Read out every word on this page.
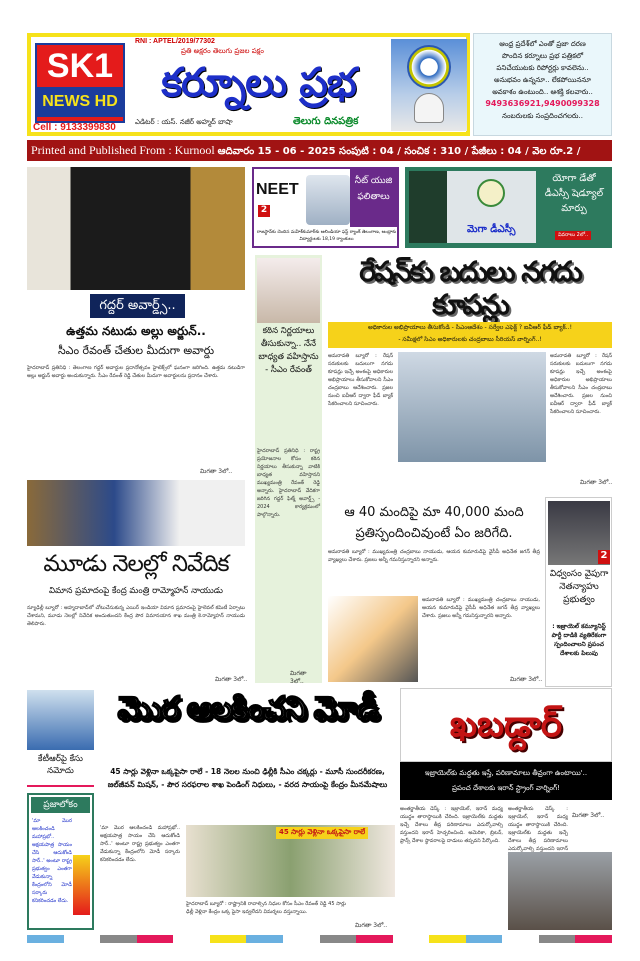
SK1
NEWS HD
Cell : 9133399830
RNI : APTEL/2019/77302
ప్రతి అక్షరం తెలుగు ప్రజల పక్షం
కర్నూలు ప్రభ
ఎడిటర్ : యస్. నజీర్ అహ్మద్ బాషా	తెలుగు దినపత్రిక
ఆంధ్ర ప్రదేశ్‌లో ఎంతో ప్రజా దరణ
పొందిన కర్నూలు ప్రభ పత్రికలో
పనిచేయుటకు రిపోర్టర్లు కావలెను..
అనుభవం ఉన్ననూ.. లేకపోయిననూ
అవకాశం ఉంటుంది.. ఆశక్తి కలవారు..
9493636921,9490099328
నంబరులకు సంప్రదించగలరు..
Printed and Published From : Kurnool ఆదివారం 15 - 06 - 2025 సంపుటి : 04 / సంచిక : 310 / పేజీలు : 04 / వెల రూ.2 /
గద్దర్ అవార్డ్స్..
ఉత్తమ నటుడు అల్లు అర్జున్..
సీఎం రేవంత్ చేతుల మీదుగా అవార్డు
హైదరాబాద్ ప్రతినిధి : తెలంగాణ గద్దర్ అవార్డుల ప్రదానోత్సవం హైటెక్స్‌లో ఘనంగా జరిగింది. ఉత్తమ నటుడిగా అల్లు అర్జున్ అవార్డు అందుకున్నారు. సీఎం రేవంత్ రెడ్డి చేతుల మీదుగా అవార్డులను ప్రదానం చేశారు.
మిగతా 3లో..
NEET
2
నీట్ యుజి ఫలితాలు
రాజస్థాన్‌కు చెందిన మహేశ్‌కుమార్‌కు ఆలిండియా ఫస్ట్ ర్యాంక్ తెలంగాణ, ఆంధ్రాకు విద్యార్థులకు 18,19 ర్యాంకులు
మెగా డీఎస్సీ
యోగా డేతో డీఎస్సీ షెడ్యూల్ మార్పు
వివరాలు 2లో..
కఠిన నిర్ణయాలు తీసుకున్నా.. నేనే బాధ్యత వహిస్తాను - సీఎం రేవంత్
హైదరాబాద్ ప్రతినిధి : రాష్ట్ర ప్రయోజనాల కోసం కఠిన నిర్ణయాలు తీసుకున్నా వాటికి బాధ్యత వహిస్తానని ముఖ్యమంత్రి రేవంత్ రెడ్డి అన్నారు. హైదరాబాద్ వేదికగా జరిగిన గద్దర్ ఫిల్మ్ అవార్డ్స్ - 2024 కార్యక్రమంలో పాల్గొన్నారు.
మిగతా 3లో..
రేషన్‌కు బదులు నగదు కూపన్లు
అధికారుల అభిప్రాయాలు తీసుకోండి - సిఎంఆదేశం - సర్వేల ఎఫెక్ట్ ? ఐవీఆర్ ఫీడ్ బ్యాక్..!
- సమీక్షలో సిఎం అధికారులకు చంద్రబాబు సీరియస్ వార్నింగ్..!
అమరావతి బ్యూరో : రేషన్ సరుకులకు బదులుగా నగదు కూపన్లు ఇచ్చే అంశంపై అధికారుల అభిప్రాయాలు తీసుకోవాలని సీఎం చంద్రబాబు ఆదేశించారు. ప్రజల నుంచి ఐవీఆర్ ద్వారా ఫీడ్ బ్యాక్ సేకరించాలని సూచించారు.
అమరావతి బ్యూరో : రేషన్ సరుకులకు బదులుగా నగదు కూపన్లు ఇచ్చే అంశంపై అధికారుల అభిప్రాయాలు తీసుకోవాలని సీఎం చంద్రబాబు ఆదేశించారు. ప్రజల నుంచి ఐవీఆర్ ద్వారా ఫీడ్ బ్యాక్ సేకరించాలని సూచించారు.
మిగతా 3లో..
మూడు నెలల్లో నివేదిక
విమాన ప్రమాదంపై కేంద్ర మంత్రి రామ్మోహన్ నాయుడు
న్యూఢిల్లీ బ్యూరో : అహ్మదాబాద్‌లో చోటుచేసుకున్న ఎయిర్ ఇండియా విమాన ప్రమాదంపై హైలెవల్ కమిటీ ఏర్పాటు చేశామని, మూడు నెలల్లో నివేదిక అందుతుందని కేంద్ర పౌర విమానయాన శాఖ మంత్రి కె.రామ్మోహన్ నాయుడు తెలిపారు.
మిగతా 3లో..
ఆ 40 మందిపై మా 40,000 మంది
ప్రతిస్పందించివుంటే ఏం జరిగేది.
అమరావతి బ్యూరో : ముఖ్యమంత్రి చంద్రబాబు నాయుడు, ఆయన కుమారుడిపై వైసీపీ అధినేత జగన్ తీవ్ర వ్యాఖ్యలు చేశారు. ప్రజలు అన్నీ గమనిస్తున్నారని అన్నారు.
అమరావతి బ్యూరో : ముఖ్యమంత్రి చంద్రబాబు నాయుడు, ఆయన కుమారుడిపై వైసీపీ అధినేత జగన్ తీవ్ర వ్యాఖ్యలు చేశారు. ప్రజలు అన్నీ గమనిస్తున్నారని అన్నారు.
మిగతా 3లో..
2
విధ్వంసం వైపుగా నెతన్యాహు ప్రభుత్వం
: ఇజ్రాయెల్ కమ్యూనిస్ట్ పార్టీ దాడికి వ్యతిరేకంగా స్పందించాలని ప్రపంచ దేశాలకు పిలుపు
కేటీఆర్‌పై కేసు నమోదు
ప్రజాలోకం
'మా మొర ఆలకించండి మహాప్రభో.. అక్షయపాత్ర సాయం చేసి ఆదుకోండి సార్..' అంటూ రాష్ట్ర ప్రభుత్వం ఎంతగా వేడుకున్నా కేంద్రంలోని మోడీ సర్కారు కనికరించడం లేదు.
మొర ఆలకించని మోడీ
45 సార్లు వెళ్లినా ఒక్కపైసా రాలే - 18 నెలల నుంచి ఢిల్లీకి సీఎం చక్కర్లు - మూసీ సుందరీకరణ, జల్‌జీవన్ మిషన్, - పౌర సరఫరాల శాఖ పెండింగ్ నిధులు, - వరద సాయంపై కేంద్రం మీనమేషాలు
'మా మొర ఆలకించండి మహాప్రభో.. అక్షయపాత్ర సాయం చేసి ఆదుకోండి సార్..' అంటూ రాష్ట్ర ప్రభుత్వం ఎంతగా వేడుకున్నా కేంద్రంలోని మోడీ సర్కారు కనికరించడం లేదు.
45 సార్లు వెళ్లినా ఒక్కపైసా రాలే
హైదరాబాద్ బ్యూరో : రాష్ట్రానికి రావాల్సిన నిధుల కోసం సీఎం రేవంత్ రెడ్డి 45 సార్లు ఢిల్లీ వెళ్లినా కేంద్రం ఒక్క పైసా ఇవ్వలేదని విమర్శలు వస్తున్నాయి.
మిగతా 3లో..
ఖబడ్దార్
ఇజ్రాయెల్‌కు మద్దతు ఇస్తే, పరిణామాలు తీవ్రంగా ఉంటాయి'..
ప్రపంచ దేశాలకు ఇరాన్ స్ట్రాంగ్ వార్నింగ్!
అంతర్జాతీయ డెస్క్ : ఇజ్రాయెల్, ఇరాన్ మధ్య యుద్ధం తారాస్థాయికి చేరింది. ఇజ్రాయెల్‌కు మద్దతు ఇచ్చే దేశాలు తీవ్ర పరిణామాలు ఎదుర్కోవాల్సి వస్తుందని ఇరాన్ హెచ్చరించింది. అమెరికా, బ్రిటన్, ఫ్రాన్స్ దేశాల స్థావరాలపై దాడులు తప్పవని పేర్కొంది.
అంతర్జాతీయ డెస్క్ : ఇజ్రాయెల్, ఇరాన్ మధ్య యుద్ధం తారాస్థాయికి చేరింది. ఇజ్రాయెల్‌కు మద్దతు ఇచ్చే దేశాలు తీవ్ర పరిణామాలు ఎదుర్కోవాల్సి వస్తుందని ఇరాన్
మిగతా 3లో..
